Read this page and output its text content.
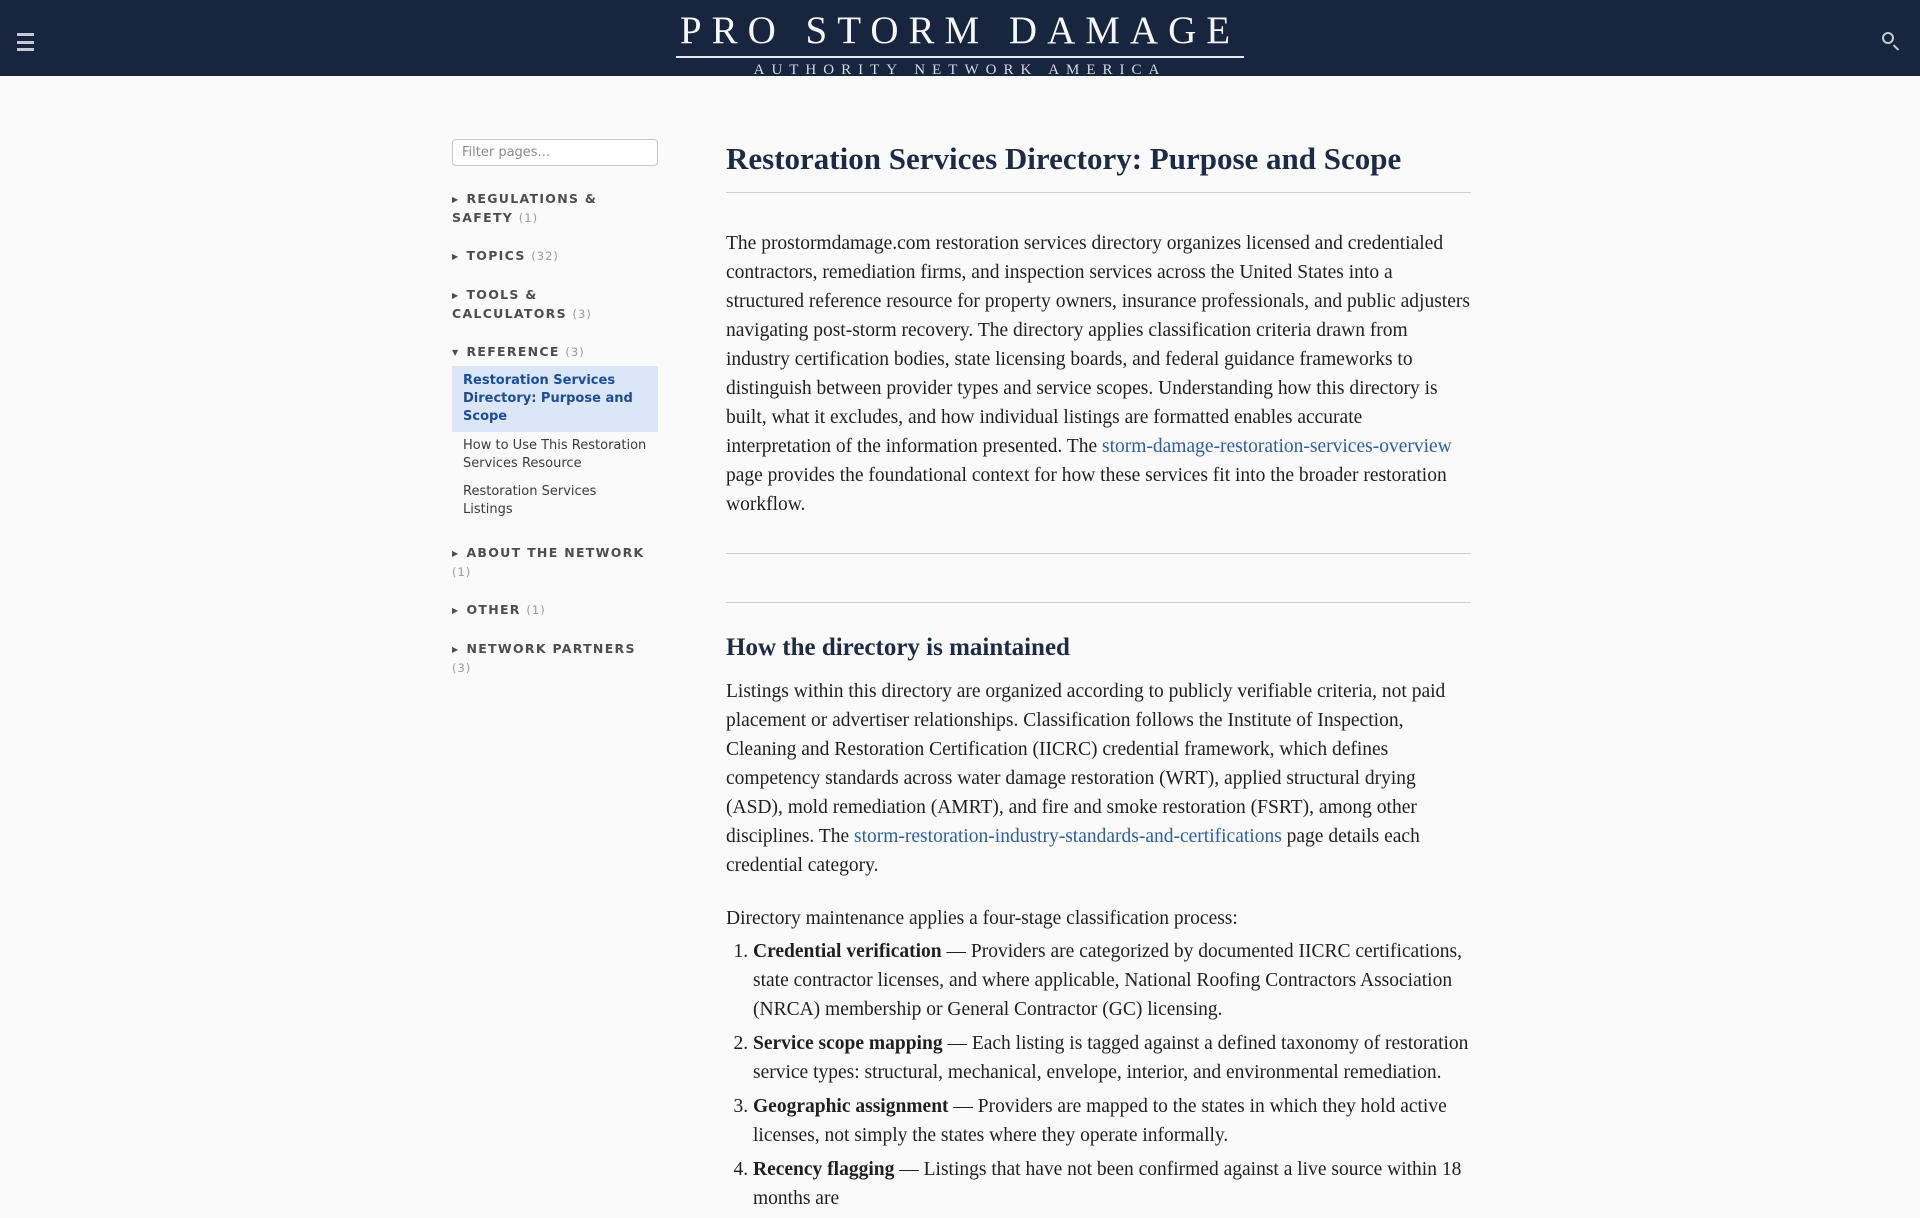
PRO STORM DAMAGE
AUTHORITY NETWORK AMERICA
Filter pages...
▶ REGULATIONS & SAFETY (1)
▶ TOPICS (32)
▶ TOOLS & CALCULATORS (3)
▼ REFERENCE (3)
Restoration Services Directory: Purpose and Scope
How to Use This Restoration Services Resource
Restoration Services Listings
▶ ABOUT THE NETWORK (1)
▶ OTHER (1)
▶ NETWORK PARTNERS (3)
Restoration Services Directory: Purpose and Scope

The prostormdamage.com restoration services directory organizes licensed and credentialed contractors, remediation firms, and inspection services across the United States into a structured reference resource for property owners, insurance professionals, and public adjusters navigating post-storm recovery. The directory applies classification criteria drawn from industry certification bodies, state licensing boards, and federal guidance frameworks to distinguish between provider types and service scopes. Understanding how this directory is built, what it excludes, and how individual listings are formatted enables accurate interpretation of the information presented. The storm-damage-restoration-services-overview page provides the foundational context for how these services fit into the broader restoration workflow.

How the directory is maintained

Listings within this directory are organized according to publicly verifiable criteria, not paid placement or advertiser relationships. Classification follows the Institute of Inspection, Cleaning and Restoration Certification (IICRC) credential framework, which defines competency standards across water damage restoration (WRT), applied structural drying (ASD), mold remediation (AMRT), and fire and smoke restoration (FSRT), among other disciplines. The storm-restoration-industry-standards-and-certifications page details each credential category.

Directory maintenance applies a four-stage classification process:

1. Credential verification — Providers are categorized by documented IICRC certifications, state contractor licenses, and where applicable, National Roofing Contractors Association (NRCA) membership or General Contractor (GC) licensing.
2. Service scope mapping — Each listing is tagged against a defined taxonomy of restoration service types: structural, mechanical, envelope, interior, and environmental remediation.
3. Geographic assignment — Providers are mapped to the states in which they hold active licenses, not simply the states where they operate informally.
4. Recency flagging — Listings that have not been confirmed against a live source within 18 months are
